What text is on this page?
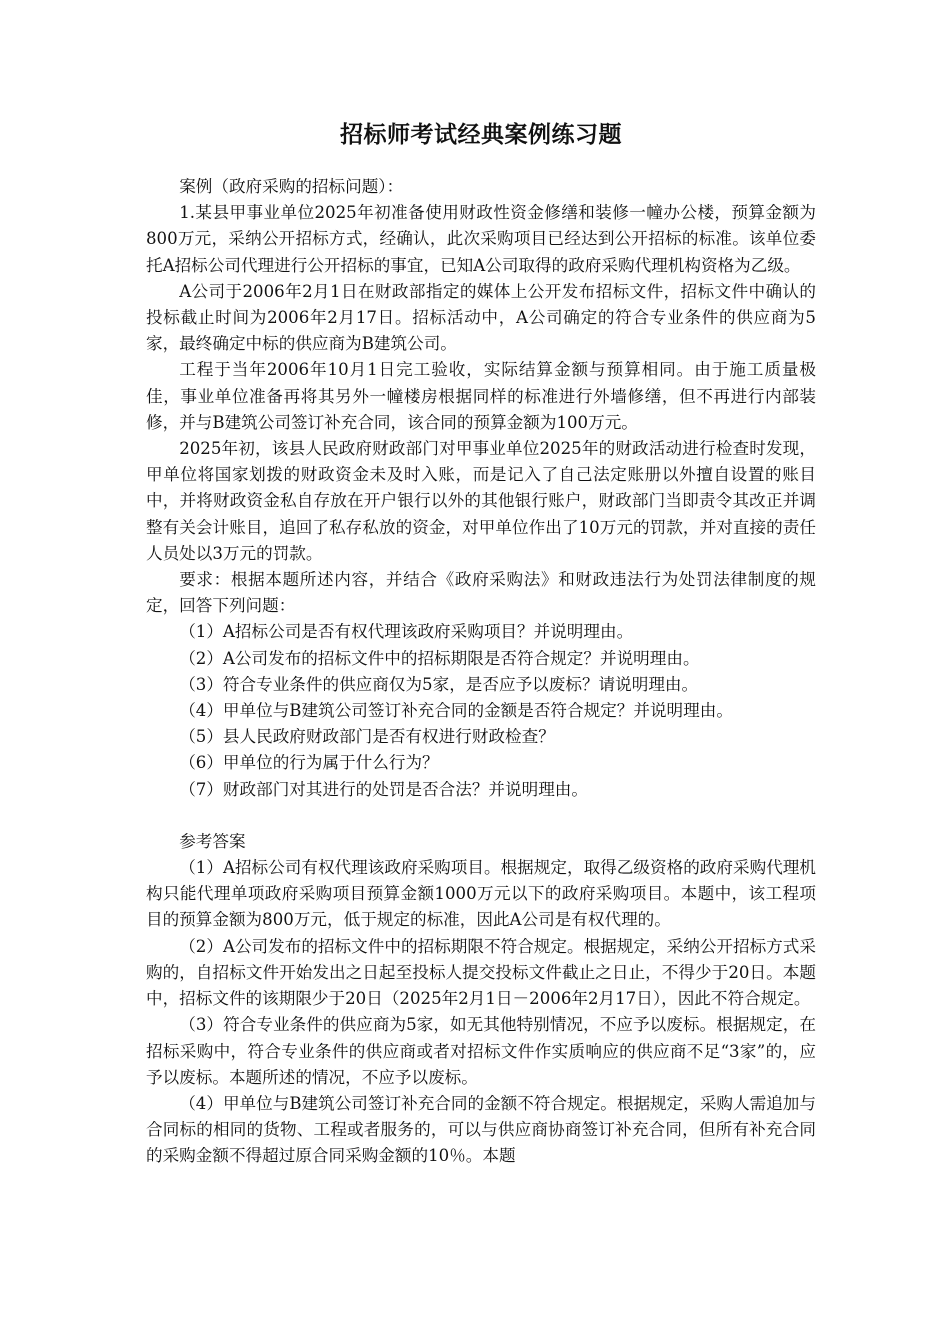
招标师考试经典案例练习题

案例（政府采购的招标问题）：

1.某县甲事业单位2025年初准备使用财政性资金修缮和装修一幢办公楼，预算金额为800万元，采纳公开招标方式，经确认，此次采购项目已经达到公开招标的标准。该单位委托A招标公司代理进行公开招标的事宜，已知A公司取得的政府采购代理机构资格为乙级。

A公司于2006年2月1日在财政部指定的媒体上公开发布招标文件，招标文件中确认的投标截止时间为2006年2月17日。招标活动中，A公司确定的符合专业条件的供应商为5家，最终确定中标的供应商为B建筑公司。

工程于当年2006年10月1日完工验收，实际结算金额与预算相同。由于施工质量极佳，事业单位准备再将其另外一幢楼房根据同样的标准进行外墙修缮，但不再进行内部装修，并与B建筑公司签订补充合同，该合同的预算金额为100万元。

2025年初，该县人民政府财政部门对甲事业单位2025年的财政活动进行检查时发现，甲单位将国家划拨的财政资金未及时入账，而是记入了自己法定账册以外擅自设置的账目中，并将财政资金私自存放在开户银行以外的其他银行账户，财政部门当即责令其改正并调整有关会计账目，追回了私存私放的资金，对甲单位作出了10万元的罚款，并对直接的责任人员处以3万元的罚款。

要求：根据本题所述内容，并结合《政府采购法》和财政违法行为处罚法律制度的规定，回答下列问题：

（1）A招标公司是否有权代理该政府采购项目？并说明理由。

（2）A公司发布的招标文件中的招标期限是否符合规定？并说明理由。

（3）符合专业条件的供应商仅为5家，是否应予以废标？请说明理由。

（4）甲单位与B建筑公司签订补充合同的金额是否符合规定？并说明理由。

（5）县人民政府财政部门是否有权进行财政检查？

（6）甲单位的行为属于什么行为？

（7）财政部门对其进行的处罚是否合法？并说明理由。

参考答案

（1）A招标公司有权代理该政府采购项目。根据规定，取得乙级资格的政府采购代理机构只能代理单项政府采购项目预算金额1000万元以下的政府采购项目。本题中，该工程项目的预算金额为800万元，低于规定的标准，因此A公司是有权代理的。

（2）A公司发布的招标文件中的招标期限不符合规定。根据规定，采纳公开招标方式采购的，自招标文件开始发出之日起至投标人提交投标文件截止之日止，不得少于20日。本题中，招标文件的该期限少于20日（2025年2月1日－2006年2月17日），因此不符合规定。

（3）符合专业条件的供应商为5家，如无其他特别情况，不应予以废标。根据规定，在招标采购中，符合专业条件的供应商或者对招标文件作实质响应的供应商不足“3家”的，应予以废标。本题所述的情况，不应予以废标。

（4）甲单位与B建筑公司签订补充合同的金额不符合规定。根据规定，采购人需追加与合同标的相同的货物、工程或者服务的，可以与供应商协商签订补充合同，但所有补充合同的采购金额不得超过原合同采购金额的10％。本题
